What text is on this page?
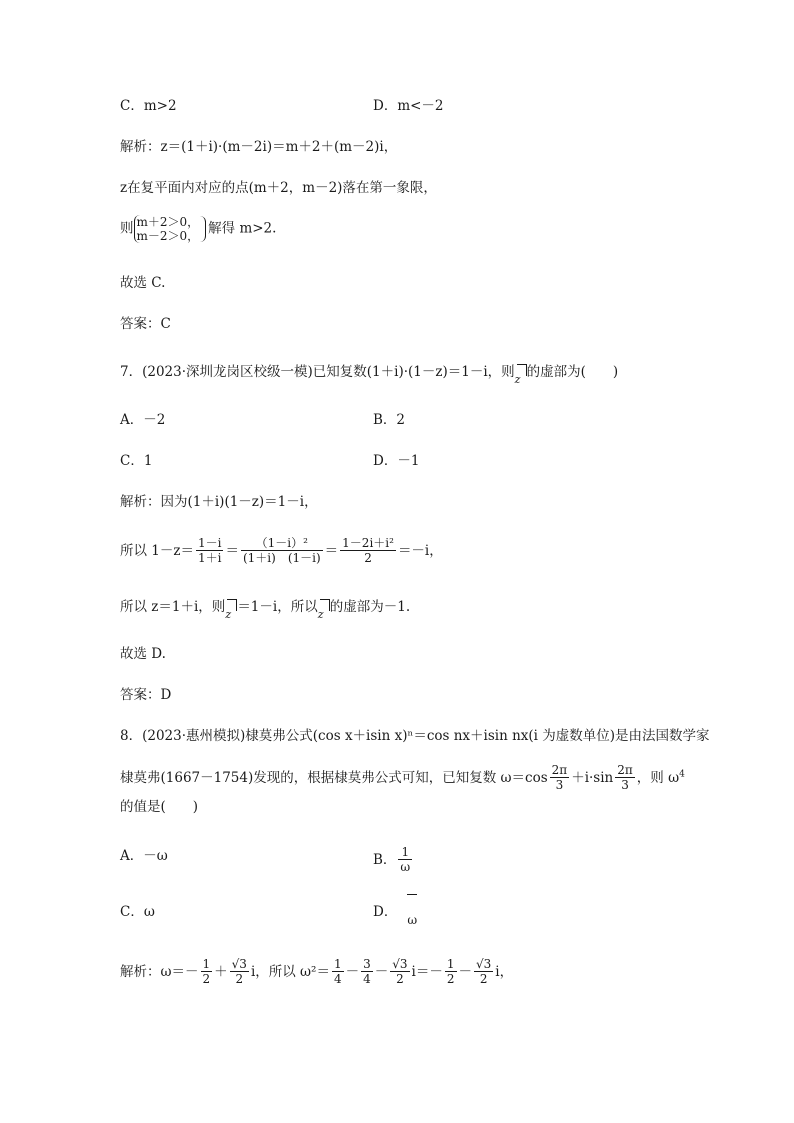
C．m>2	D．m<－2
解析：z＝(1＋i)·(m－2i)＝m＋2＋(m－2)i，
z在复平面内对应的点(m＋2，m－2)落在第一象限，
则 m＋2＞0，
m－2＞0， 解得 m>2.
故选 C.
答案：C
7．(2023·深圳龙岗区校级一模)已知复数(1＋i)·(1－z)＝1－i，则 z 的虚部为(　　)
A．－2	B．2
C．1	D．－1
解析：因为(1＋i)(1－z)＝1－i，
所以 $1-z= \frac{1-i}{1+i} = \frac{\text{（1－i）²}}{(1+i) (1-i)} = \frac{\text{1－2i＋i²}}{2} =-i$，
所以 z＝1＋i，则 z ＝1－i，所以 z 的虚部为－1.
故选 D.
答案：D
8．(2023·惠州模拟)棣莫弗公式(cos x＋isin x)ⁿ＝cos nx＋isin nx(i 为虚数单位)是由法国数学家
棣莫弗(1667－1754)发现的，根据棣莫弗公式可知，已知复数 $\omega=\cos \frac{2\pi}{3} +i\cdot\sin \frac{2\pi}{3}$ ，则 $\omega^4$
的值是(　　)
A．－ω	B． $\frac{1}{\omega}$
C．ω	D． ω
解析：$\omega=- \frac{1}{2} + \frac{√3}{2}$ i，所以 $\omega^2= \frac{1}{4} - \frac{3}{4} - \frac{√3}{2} i=- \frac{1}{2} - \frac{√3}{2}$ i，
